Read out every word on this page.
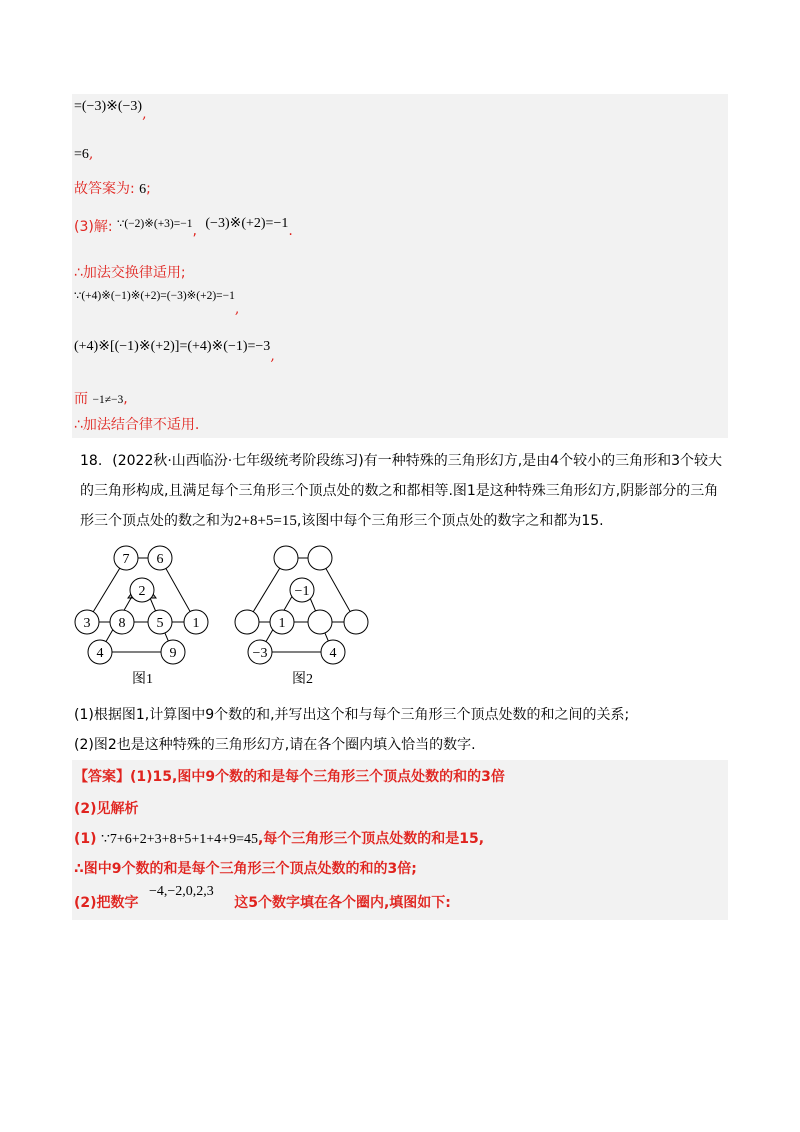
=(−3)※(−3),
=6,
故答案为: 6;
(3)解: ∵(−2)※(+3)=−1, (−3)※(+2)=−1.
∴加法交换律适用;
∵(+4)※(−1)※(+2)=(−3)※(+2)=−1,
(+4)※[(−1)※(+2)]=(+4)※(−1)=−3,
而 −1≠−3,
∴加法结合律不适用.
18. (2022秋·山西临汾·七年级统考阶段练习)有一种特殊的三角形幻方,是由4个较小的三角形和3个较大的三角形构成,且满足每个三角形三个顶点处的数之和都相等.图1是这种特殊三角形幻方,阴影部分的三角形三个顶点处的数之和为2+8+5=15,该图中每个三角形三个顶点处的数字之和都为15.
7 6
2
3 8 5 1
4	9
图1
−1
1
−3	4
图2
(1)根据图1,计算图中9个数的和,并写出这个和与每个三角形三个顶点处数的和之间的关系;
(2)图2也是这种特殊的三角形幻方,请在各个圈内填入恰当的数字.
【答案】(1)15,图中9个数的和是每个三角形三个顶点处数的和的3倍
(2)见解析
(1) ∵7+6+2+3+8+5+1+4+9=45,每个三角形三个顶点处数的和是15,
∴图中9个数的和是每个三角形三个顶点处数的和的3倍;
(2)把数字 −4,−2,0,2,3 这5个数字填在各个圈内,填图如下:
